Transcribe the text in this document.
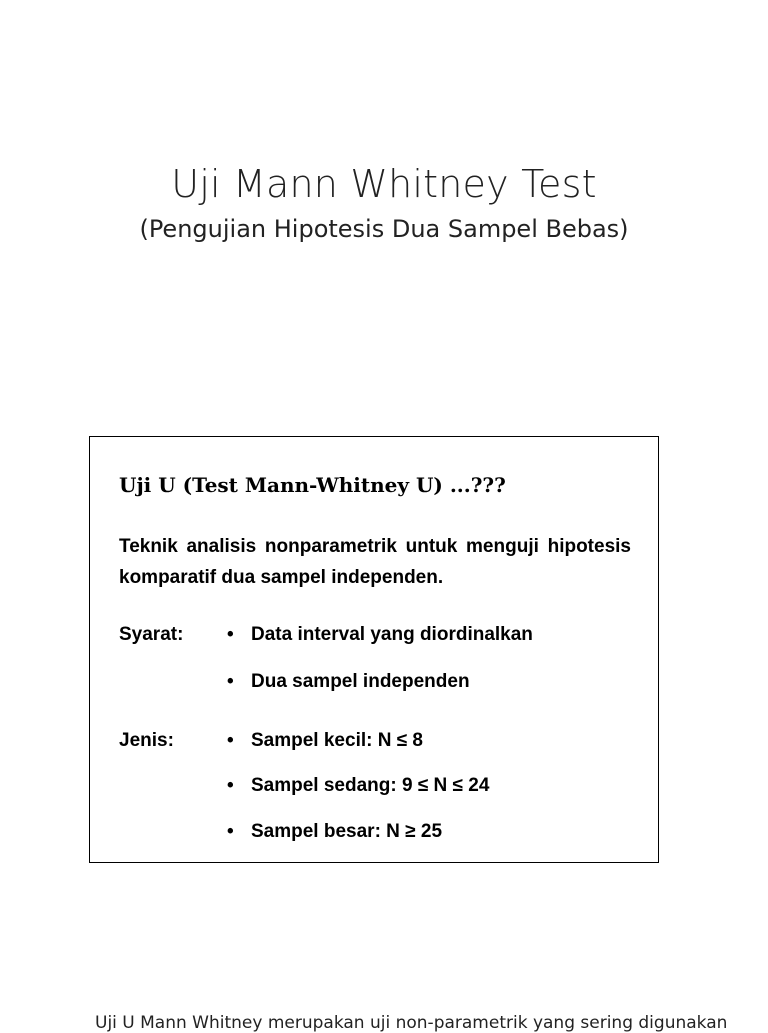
Uji Mann Whitney Test
(Pengujian Hipotesis Dua Sampel Bebas)
Uji U (Test Mann-Whitney U) ...???
Teknik analisis nonparametrik untuk menguji hipotesis komparatif dua sampel independen.
Syarat: • Data interval yang diordinalkan
• Dua sampel independen
Jenis:	• Sampel kecil: N ≤ 8
• Sampel sedang: 9 ≤ N ≤ 24
• Sampel besar: N ≥ 25
Uji U Mann Whitney merupakan uji non-parametrik yang sering digunakan
